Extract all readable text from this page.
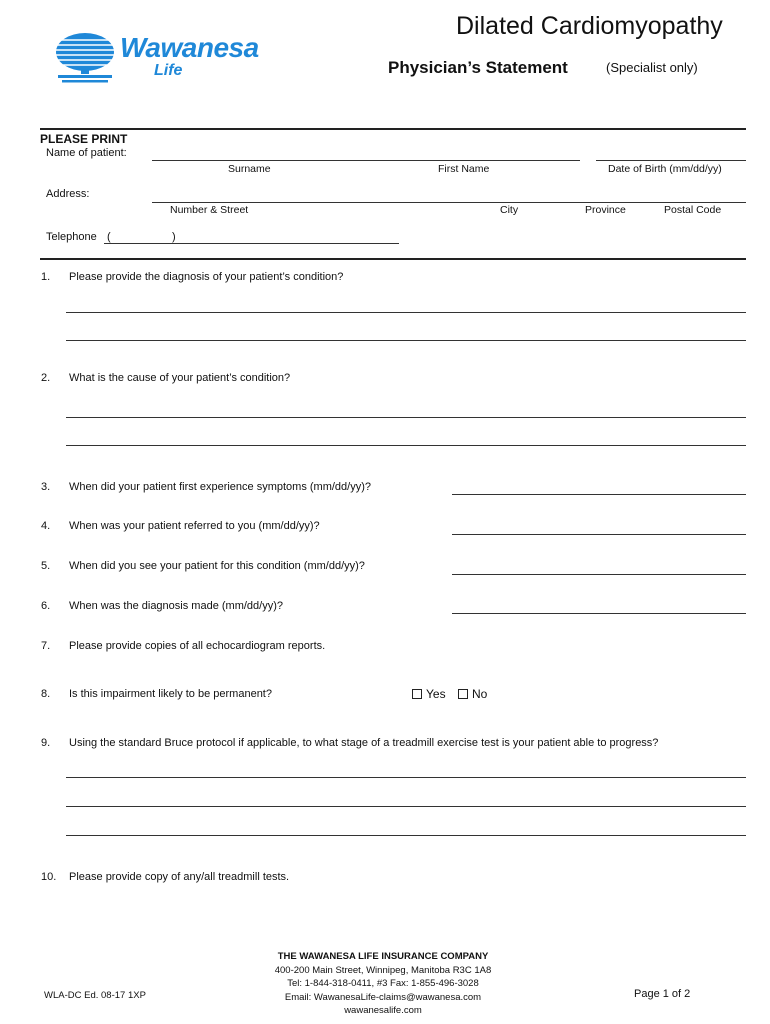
Wawanesa
Life
Dilated Cardiomyopathy
Physician’s Statement	(Specialist only)
PLEASE PRINT
Name of patient:
Surname	First Name	Date of Birth (mm/dd/yy)
Address:
Number & Street	City	Province	Postal Code
Telephone (	)
1. Please provide the diagnosis of your patient’s condition?
2. What is the cause of your patient’s condition?
3. When did your patient first experience symptoms (mm/dd/yy)?
4. When was your patient referred to you (mm/dd/yy)?
5. When did you see your patient for this condition (mm/dd/yy)?
6. When was the diagnosis made (mm/dd/yy)?
7. Please provide copies of all echocardiogram reports.
8. Is this impairment likely to be permanent?	Yes	No
9. Using the standard Bruce protocol if applicable, to what stage of a treadmill exercise test is your patient able to progress?
10. Please provide copy of any/all treadmill tests.
THE WAWANESA LIFE INSURANCE COMPANY
400-200 Main Street, Winnipeg, Manitoba R3C 1A8
Tel: 1-844-318-0411, #3 Fax: 1-855-496-3028
Email: WawanesaLife-claims@wawanesa.com
wawanesalife.com
WLA-DC Ed. 08-17 1XP	Page 1 of 2
